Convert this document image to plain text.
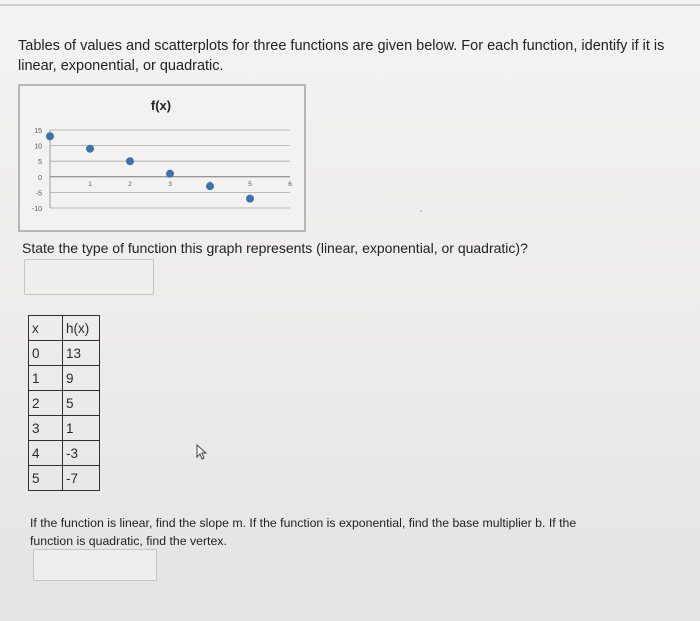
Tables of values and scatterplots for three functions are given below. For each function, identify if it is
linear, exponential, or quadratic.
f(x)
15
10
5
0
-5
-10
1	2	3	5	6
State the type of function this graph represents (linear, exponential, or quadratic)?
x	h(x)
0	13
1	9
2	5
3	1
4	-3
5	-7
If the function is linear, find the slope m. If the function is exponential, find the base multiplier b. If the
function is quadratic, find the vertex.
